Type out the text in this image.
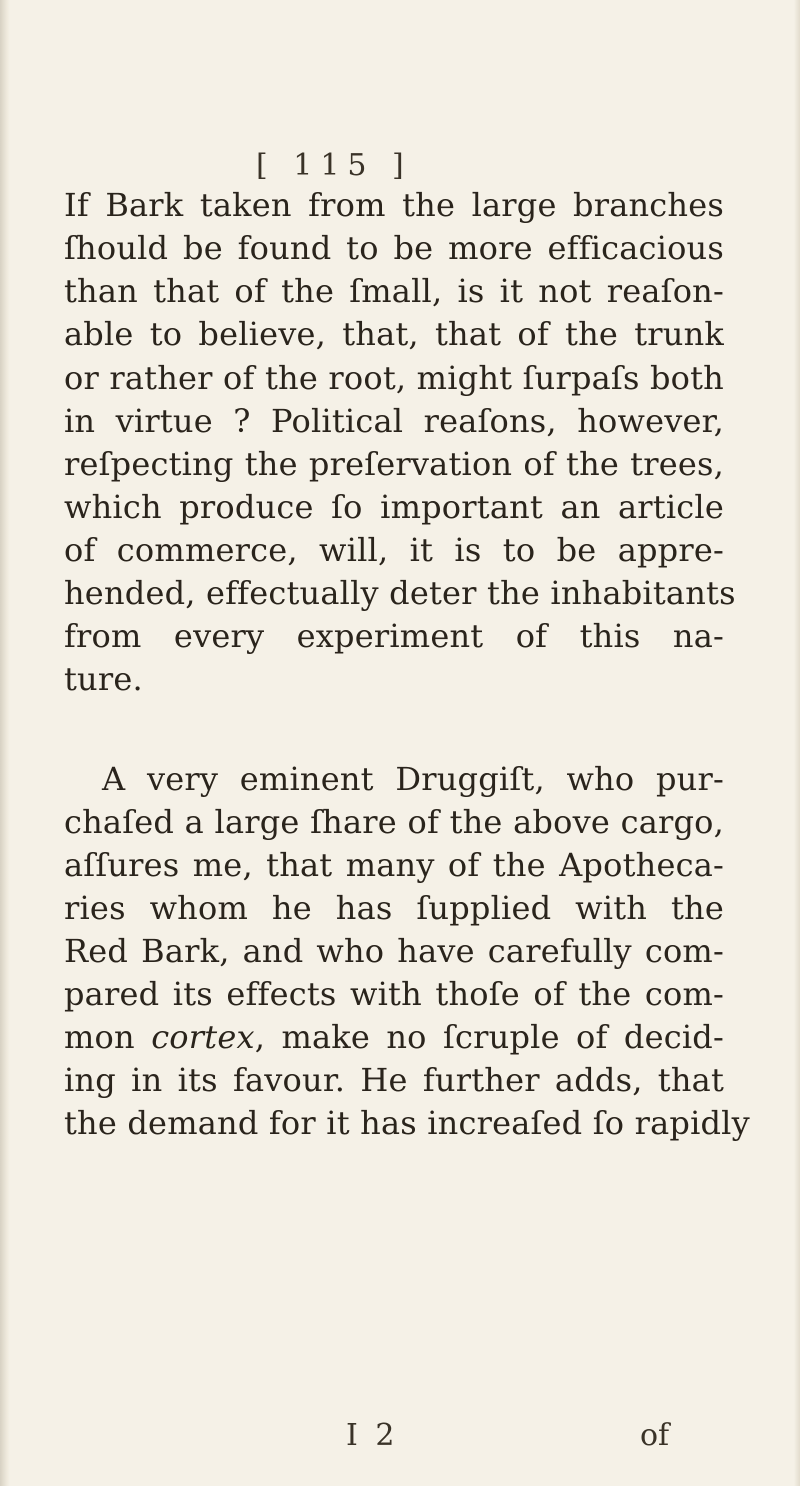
[ 115 ]
If Bark taken from the large branches
ſhould be found to be more efficacious
than that of the ſmall, is it not reaſon-
able to believe, that, that of the trunk
or rather of the root, might ſurpaſs both
in virtue ? Political reaſons, however,
reſpecting the preſervation of the trees,
which produce ſo important an article
of commerce, will, it is to be appre-
hended, effectually deter the inhabitants
from every experiment of this na-
ture.
A very eminent Druggiſt, who pur-
chaſed a large ſhare of the above cargo,
aſſures me, that many of the Apotheca-
ries whom he has ſupplied with the
Red Bark, and who have carefully com-
pared its effects with thoſe of the com-
mon cortex, make no ſcruple of decid-
ing in its favour. He further adds, that
the demand for it has increaſed ſo rapidly
I 2	of
